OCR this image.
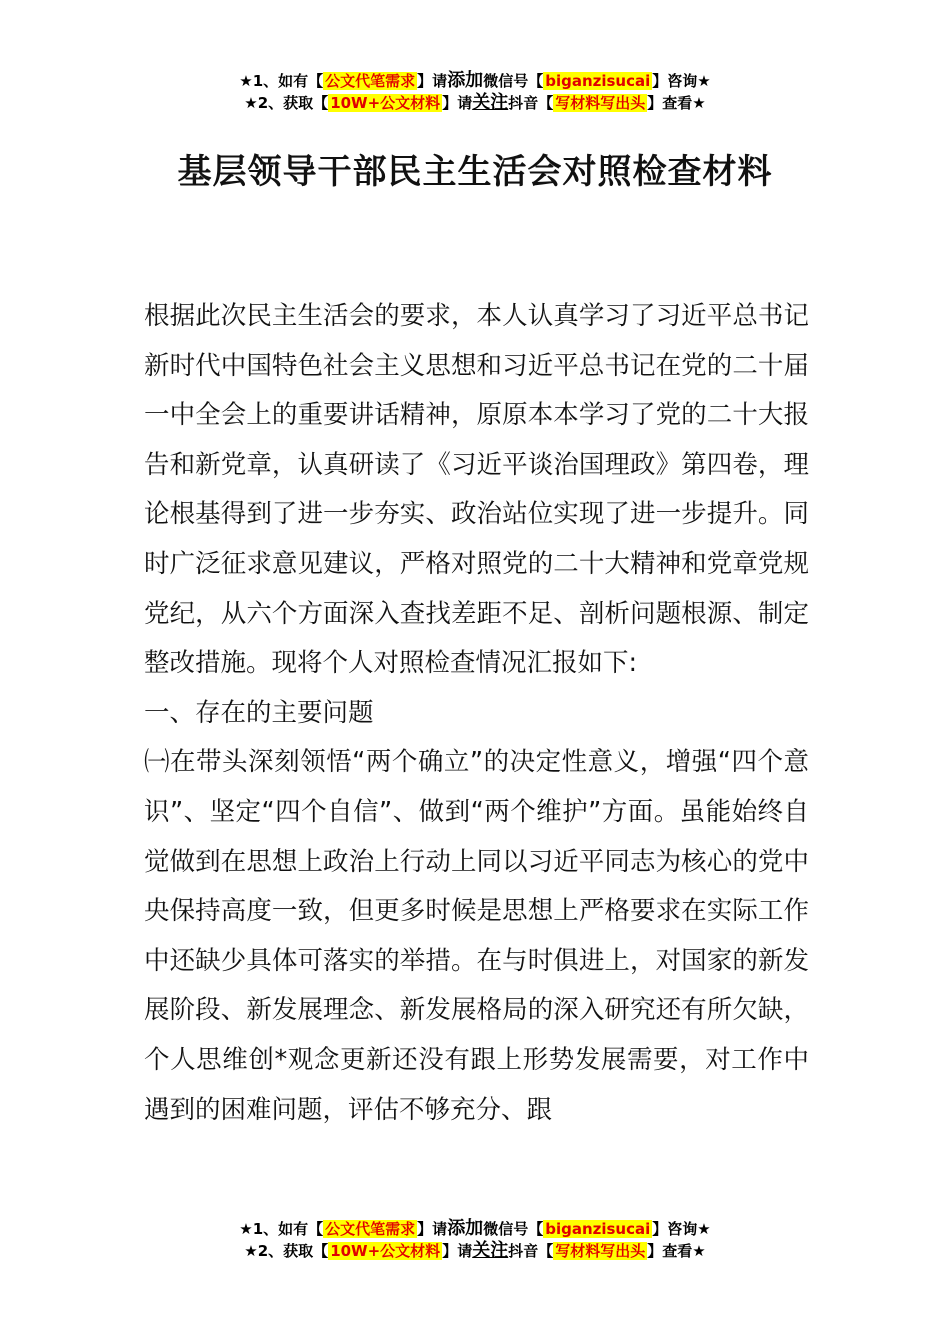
★1、如有【 公文代笔需求 】请添加微信号【 biganzisucai 】咨询★
★2、获取【 10W+公文材料 】请关注抖音【 写材料写出头 】查看★
基层领导干部民主生活会对照检查材料

根据此次民主生活会的要求，本人认真学习了习近平总书记新时代中国特色社会主义思想和习近平总书记在党的二十届一中全会上的重要讲话精神，原原本本学习了党的二十大报告和新党章，认真研读了《习近平谈治国理政》第四卷，理论根基得到了进一步夯实、政治站位实现了进一步提升。同时广泛征求意见建议，严格对照党的二十大精神和党章党规党纪，从六个方面深入查找差距不足、剖析问题根源、制定整改措施。现将个人对照检查情况汇报如下:

一、存在的主要问题

㈠在带头深刻领悟“两个确立”的决定性意义，增强“四个意识”、坚定“四个自信”、做到“两个维护”方面。虽能始终自觉做到在思想上政治上行动上同以习近平同志为核心的党中央保持高度一致，但更多时候是思想上严格要求在实际工作中还缺少具体可落实的举措。在与时俱进上，对国家的新发展阶段、新发展理念、新发展格局的深入研究还有所欠缺，个人思维创*观念更新还没有跟上形势发展需要，对工作中遇到的困难问题，评估不够充分、跟

★1、如有【 公文代笔需求 】请添加微信号【 biganzisucai 】咨询★
★2、获取【 10W+公文材料 】请关注抖音【 写材料写出头 】查看★
